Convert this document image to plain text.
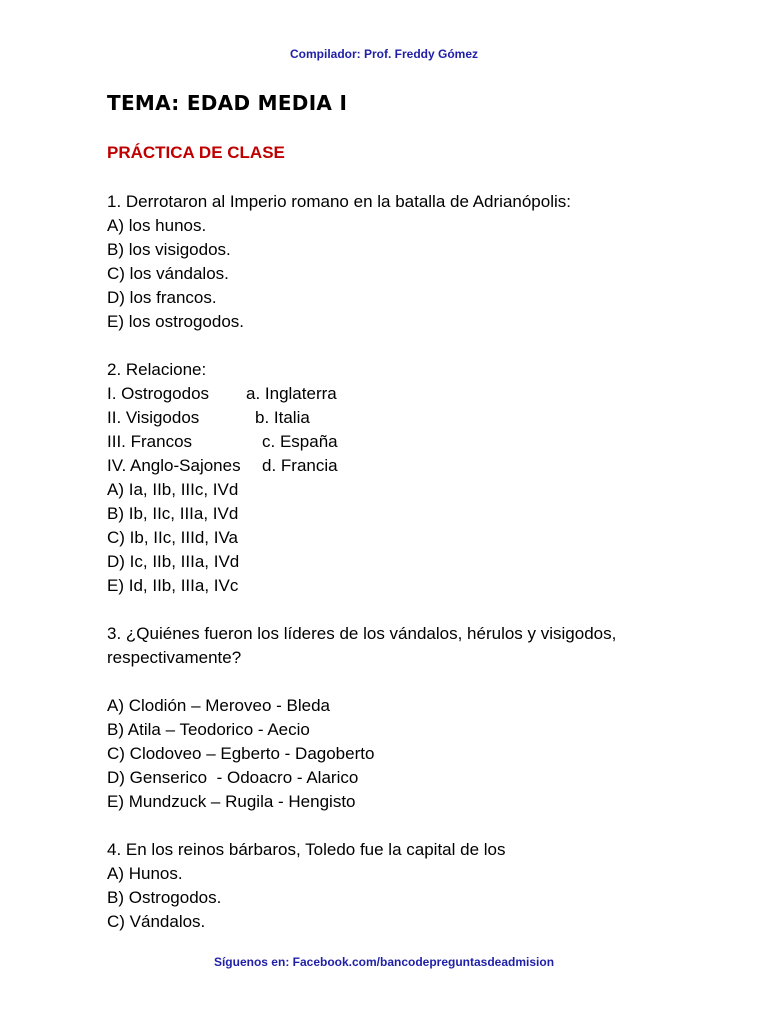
Compilador: Prof. Freddy Gómez
TEMA: EDAD MEDIA I
PRÁCTICA DE CLASE
1. Derrotaron al Imperio romano en la batalla de Adrianópolis:
A) los hunos.
B) los visigodos.
C) los vándalos.
D) los francos.
E) los ostrogodos.
2. Relacione:
I. Ostrogodos a. Inglaterra
II. Visigodos	b. Italia
III. Francos	c. España
IV. Anglo-Sajones d. Francia
A) Ia, IIb, IIIc, IVd
B) Ib, IIc, IIIa, IVd
C) Ib, IIc, IIId, IVa
D) Ic, IIb, IIIa, IVd
E) Id, IIb, IIIa, IVc
3. ¿Quiénes fueron los líderes de los vándalos, hérulos y visigodos,
respectivamente?
A) Clodión – Meroveo - Bleda
B) Atila – Teodorico - Aecio
C) Clodoveo – Egberto - Dagoberto
D) Genserico  - Odoacro - Alarico
E) Mundzuck – Rugila - Hengisto
4. En los reinos bárbaros, Toledo fue la capital de los
A) Hunos.
B) Ostrogodos.
C) Vándalos.
Síguenos en: Facebook.com/bancodepreguntasdeadmision
